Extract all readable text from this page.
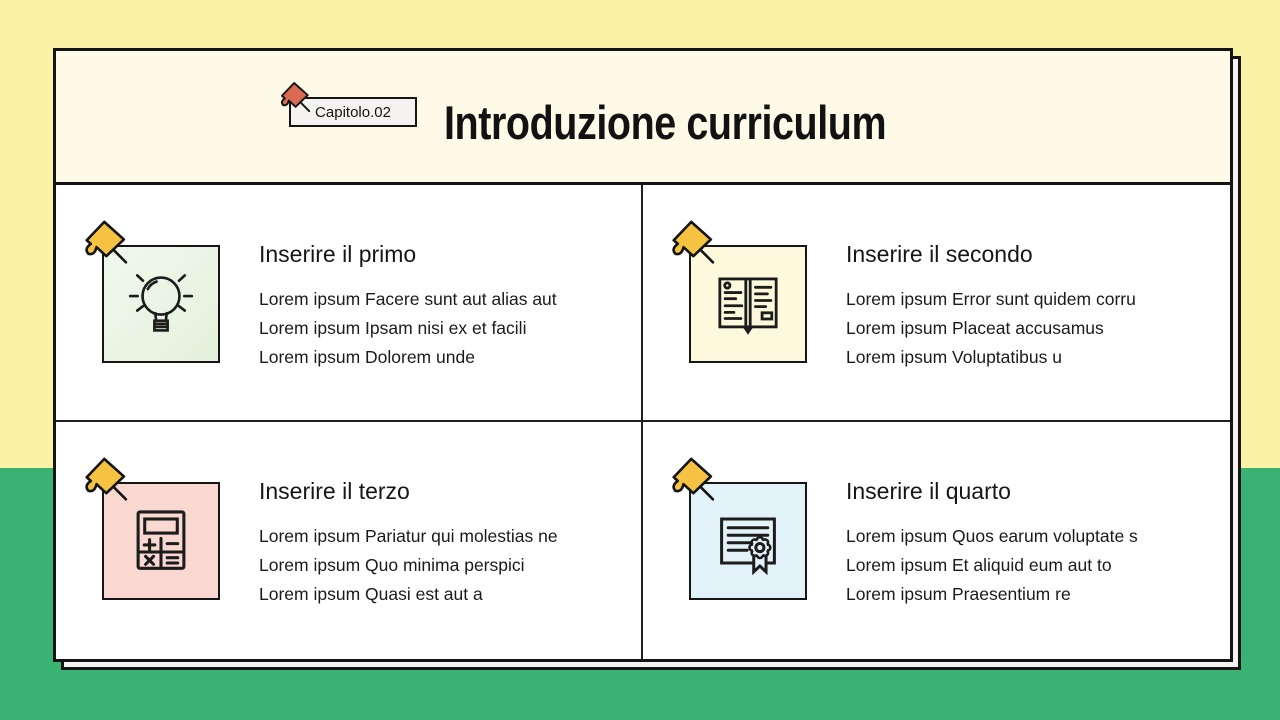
Capitolo.02 Introduzione curriculum
Inserire il primo
Lorem ipsum Facere sunt aut alias aut
Lorem ipsum Ipsam nisi ex et facili
Lorem ipsum Dolorem unde
Inserire il secondo
Lorem ipsum Error sunt quidem corru
Lorem ipsum Placeat accusamus
Lorem ipsum Voluptatibus u
Inserire il terzo
Lorem ipsum Pariatur qui molestias ne
Lorem ipsum Quo minima perspici
Lorem ipsum Quasi est aut a
Inserire il quarto
Lorem ipsum Quos earum voluptate s
Lorem ipsum Et aliquid eum aut to
Lorem ipsum Praesentium re
